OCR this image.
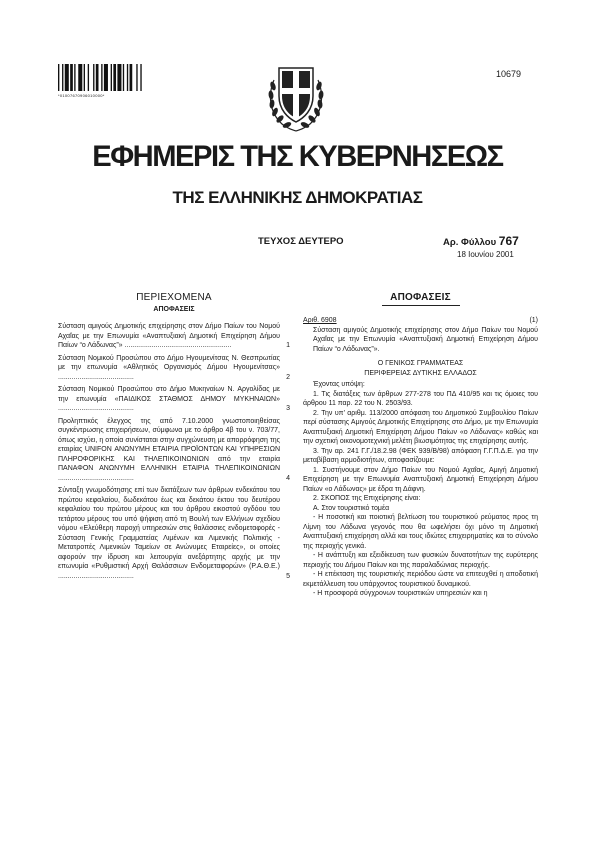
*01007670906010000*
10679
ΕΦΗΜΕΡΙΣ ΤΗΣ ΚΥΒΕΡΝΗΣΕΩΣ
ΤΗΣ ΕΛΛΗΝΙΚΗΣ ΔΗΜΟΚΡΑΤΙΑΣ
ΤΕΥΧΟΣ ΔΕΥΤΕΡΟ	Αρ. Φύλλου 767
18 Ιουνίου 2001
ΠΕΡΙΕΧΟΜΕΝΑ
ΑΠΟΦΑΣΕΙΣ
Σύσταση αμιγούς Δημοτικής επιχείρησης στον Δήμο Παίων του Νομού Αχαΐας με την Επωνυμία «Αναπτυξιακή Δημοτική Επιχείρηση Δήμου Παίων “ο Λάδωνας”» .......................................................	1
Σύσταση Νομικού Προσώπου στο Δήμο Ηγουμενίτσας Ν. Θεσπρωτίας με την επωνυμία «Αθλητικός Οργανισμός Δήμου Ηγουμενίτσας» .......................................	2
Σύσταση Νομικού Προσώπου στο Δήμο Μυκηναίων Ν. Αργολίδας με την επωνυμία «ΠΑΙΔΙΚΟΣ ΣΤΑΘΜΟΣ ΔΗΜΟΥ ΜΥΚΗΝΑΙΩΝ» .......................................	3
Προληπτικός έλεγχος της από 7.10.2000 γνωστοποιηθείσας συγκέντρωσης επιχειρήσεων, σύμφωνα με το άρθρο 4β του ν. 703/77, όπως ισχύει, η οποία συνίσταται στην συγχώνευση με απορρόφηση της εταιρίας UNIFON ΑΝΩΝΥΜΗ ΕΤΑΙΡΙΑ ΠΡΟΪΟΝΤΩΝ ΚΑΙ ΥΠΗΡΕΣΙΩΝ ΠΛΗΡΟΦΟΡΙΚΗΣ ΚΑΙ ΤΗΛΕΠΙΚΟΙΝΩΝΙΩΝ από την εταιρία ΠΑΝΑΦΟΝ ΑΝΩΝΥΜΗ ΕΛΛΗΝΙΚΗ ΕΤΑΙΡΙΑ ΤΗΛΕΠΙΚΟΙΝΩΝΙΩΝ .......................................	4
Σύνταξη γνωμοδότησης επί των διατάξεων των άρθρων ενδεκάτου του πρώτου κεφαλαίου, δωδεκάτου έως και δεκάτου έκτου του δευτέρου κεφαλαίου του πρώτου μέρους και του άρθρου εικοστού ογδόου του τετάρτου μέρους του υπό ψήφιση από τη Βουλή των Ελλήνων σχεδίου νόμου «Ελεύθερη παροχή υπηρεσιών στις θαλάσσιες ενδομεταφορές - Σύσταση Γενικής Γραμματείας Λιμένων και Λιμενικής Πολιτικής - Μετατροπές Λιμενικών Ταμείων σε Ανώνυμες Εταιρείες», οι οποίες αφορούν την ίδρυση και λειτουργία ανεξάρτητης αρχής με την επωνυμία «Ρυθμιστική Αρχή Θαλάσσιων Ενδομεταφορών» (Ρ.Α.Θ.Ε.) .......................................	5
ΑΠΟΦΑΣΕΙΣ
Αριθ. 6908	(1)

Σύσταση αμιγούς Δημοτικής επιχείρησης στον Δήμο Παίων του Νομού Αχαΐας με την Επωνυμία «Αναπτυξιακή Δημοτική Επιχείρηση Δήμου Παίων “ο Λάδωνας”».

Ο ΓΕΝΙΚΟΣ ΓΡΑΜΜΑΤΕΑΣ

ΠΕΡΙΦΕΡΕΙΑΣ ΔΥΤΙΚΗΣ ΕΛΛΑΔΟΣ

Έχοντας υπόψη:

1. Τις διατάξεις των άρθρων 277-278 του ΠΔ 410/95 και τις όμοιες του άρθρου 11 παρ. 22 του Ν. 2503/93.

2. Την υπ’ αριθμ. 113/2000 απόφαση του Δημοτικού Συμβουλίου Παίων περί σύστασης Αμιγούς Δημοτικής Επιχείρησης στο Δήμο, με την Επωνυμία Αναπτυξιακή Δημοτική Επιχείρηση Δήμου Παίων «ο Λάδωνας» καθώς και την σχετική οικονομοτεχνική μελέτη βιωσιμότητας της επιχείρησης αυτής.

3. Την αρ. 241 Γ.Γ./18.2.98 (ΦΕΚ 939/Β/98) απόφαση Γ.Γ.Π.Δ.Ε. για την μεταβίβαση αρμοδιοτήτων, αποφασίζουμε:

1. Συστήνουμε στον Δήμο Παίων του Νομού Αχαΐας, Αμιγή Δημοτική Επιχείρηση με την Επωνυμία Αναπτυξιακή Δημοτική Επιχείρηση Δήμου Παίων «ο Λάδωνας» με έδρα τη Δάφνη.

2. ΣΚΟΠΟΣ της Επιχείρησης είναι:

Α. Στον τουριστικό τομέα

- Η ποσοτική και ποιοτική βελτίωση του τουριστικού ρεύματος προς τη Λίμνη του Λάδωνα γεγονός που θα ωφελήσει όχι μόνο τη Δημοτική Αναπτυξιακή επιχείρηση αλλά και τους ιδιώτες επιχειρηματίες και το σύνολο της περιοχής γενικά.

- Η ανάπτυξη και εξειδίκευση των φυσικών δυνατοτήτων της ευρύτερης περιοχής του Δήμου Παίων και της παραλαδώνιας περιοχής.

- Η επέκταση της τουριστικής περιόδου ώστε να επιτευχθεί η αποδοτική εκμετάλλευση του υπάρχοντος τουριστικού δυναμικού.

- Η προσφορά σύγχρονων τουριστικών υπηρεσιών και η
